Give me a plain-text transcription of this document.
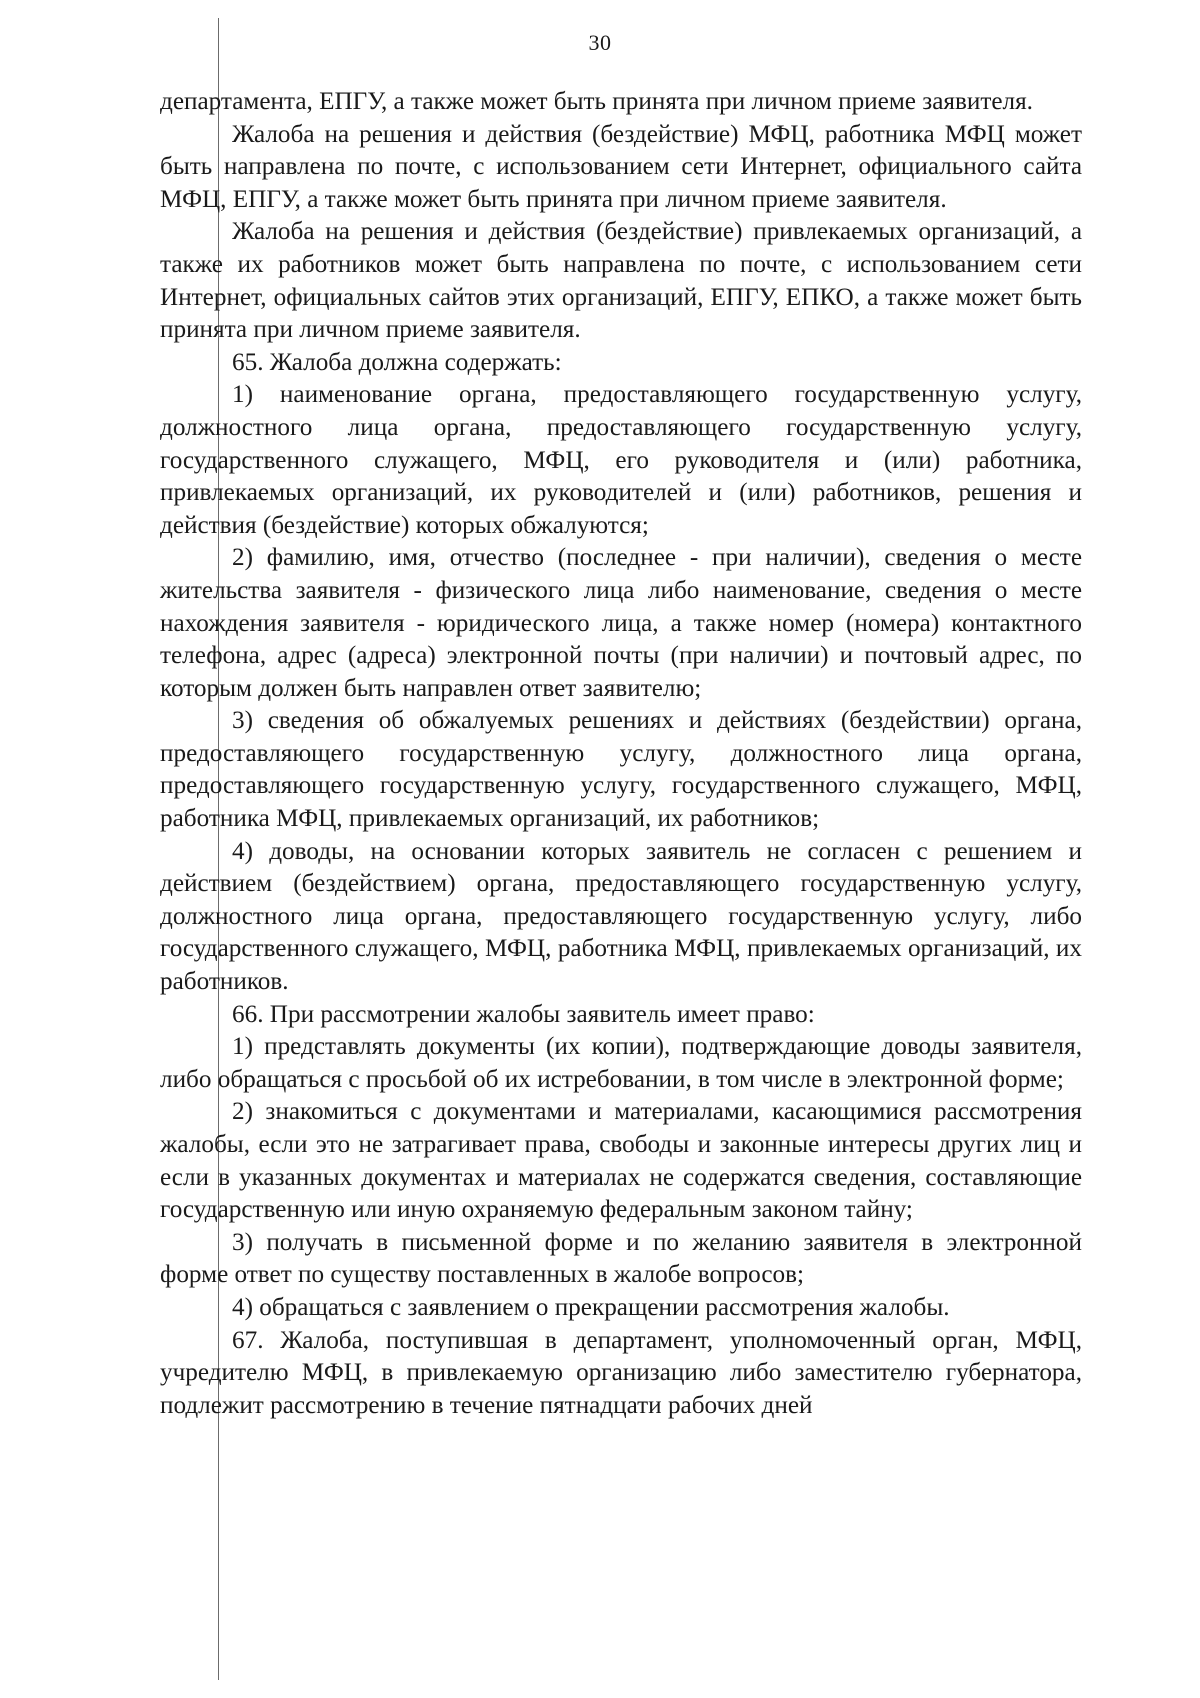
30

департамента, ЕПГУ, а также может быть принята при личном приеме заявителя.

Жалоба на решения и действия (бездействие) МФЦ, работника МФЦ может быть направлена по почте, с использованием сети Интернет, официального сайта МФЦ, ЕПГУ, а также может быть принята при личном приеме заявителя.

Жалоба на решения и действия (бездействие) привлекаемых организаций, а также их работников может быть направлена по почте, с использованием сети Интернет, официальных сайтов этих организаций, ЕПГУ, ЕПКО, а также может быть принята при личном приеме заявителя.

65. Жалоба должна содержать:

1) наименование органа, предоставляющего государственную услугу, должностного лица органа, предоставляющего государственную услугу, государственного служащего, МФЦ, его руководителя и (или) работника, привлекаемых организаций, их руководителей и (или) работников, решения и действия (бездействие) которых обжалуются;

2) фамилию, имя, отчество (последнее - при наличии), сведения о месте жительства заявителя - физического лица либо наименование, сведения о месте нахождения заявителя - юридического лица, а также номер (номера) контактного телефона, адрес (адреса) электронной почты (при наличии) и почтовый адрес, по которым должен быть направлен ответ заявителю;

3) сведения об обжалуемых решениях и действиях (бездействии) органа, предоставляющего государственную услугу, должностного лица органа, предоставляющего государственную услугу, государственного служащего, МФЦ, работника МФЦ, привлекаемых организаций, их работников;

4) доводы, на основании которых заявитель не согласен с решением и действием (бездействием) органа, предоставляющего государственную услугу, должностного лица органа, предоставляющего государственную услугу, либо государственного служащего, МФЦ, работника МФЦ, привлекаемых организаций, их работников.

66. При рассмотрении жалобы заявитель имеет право:

1) представлять документы (их копии), подтверждающие доводы заявителя, либо обращаться с просьбой об их истребовании, в том числе в электронной форме;

2) знакомиться с документами и материалами, касающимися рассмотрения жалобы, если это не затрагивает права, свободы и законные интересы других лиц и если в указанных документах и материалах не содержатся сведения, составляющие государственную или иную охраняемую федеральным законом тайну;

3) получать в письменной форме и по желанию заявителя в электронной форме ответ по существу поставленных в жалобе вопросов;

4) обращаться с заявлением о прекращении рассмотрения жалобы.

67. Жалоба, поступившая в департамент, уполномоченный орган, МФЦ, учредителю МФЦ, в привлекаемую организацию либо заместителю губернатора, подлежит рассмотрению в течение пятнадцати рабочих дней
